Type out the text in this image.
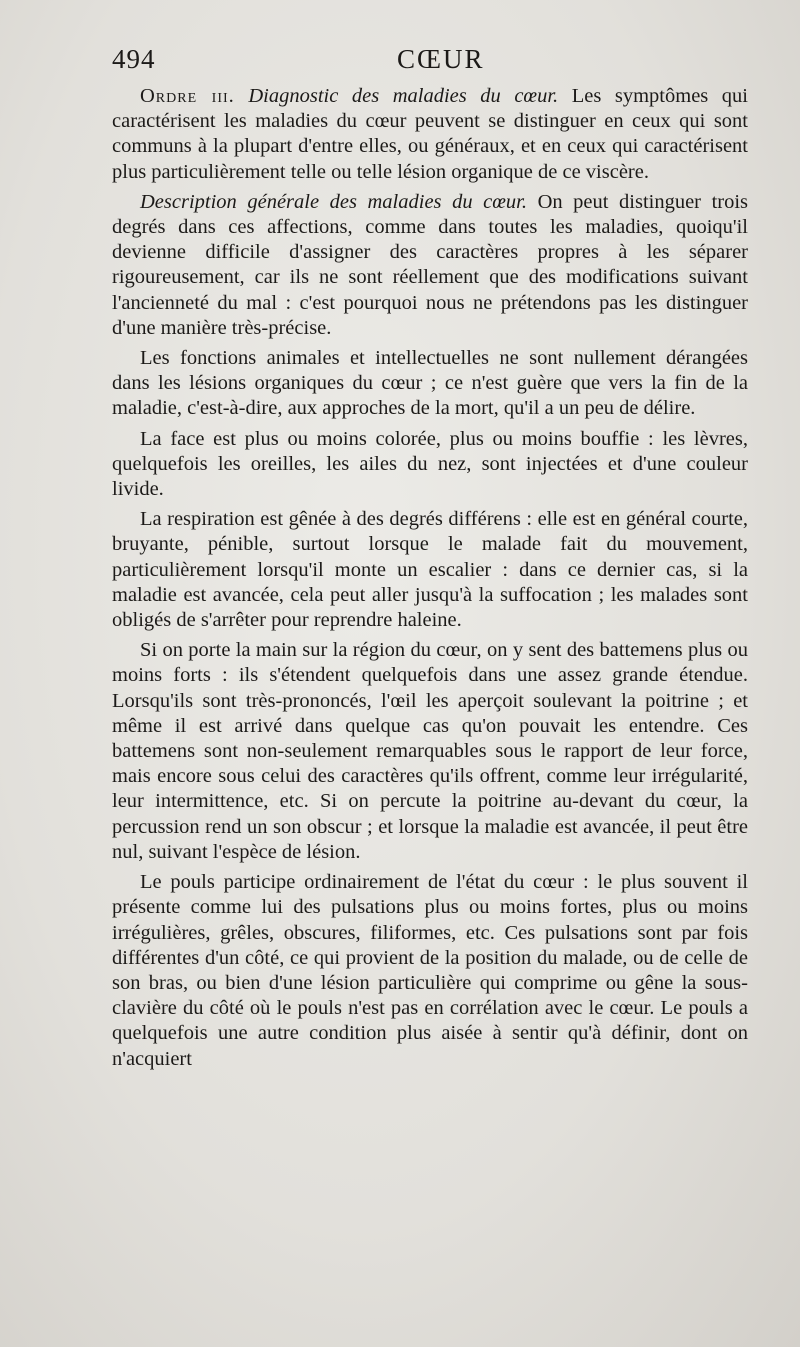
494	CŒUR

Ordre iii. Diagnostic des maladies du cœur. Les symptômes qui caractérisent les maladies du cœur peuvent se distinguer en ceux qui sont communs à la plupart d'entre elles, ou généraux, et en ceux qui caractérisent plus particulièrement telle ou telle lésion organique de ce viscère.

Description générale des maladies du cœur. On peut distinguer trois degrés dans ces affections, comme dans toutes les maladies, quoiqu'il devienne difficile d'assigner des caractères propres à les séparer rigoureusement, car ils ne sont réellement que des modifications suivant l'ancienneté du mal : c'est pourquoi nous ne prétendons pas les distinguer d'une manière très-précise.

Les fonctions animales et intellectuelles ne sont nullement dérangées dans les lésions organiques du cœur ; ce n'est guère que vers la fin de la maladie, c'est-à-dire, aux approches de la mort, qu'il a un peu de délire.

La face est plus ou moins colorée, plus ou moins bouffie : les lèvres, quelquefois les oreilles, les ailes du nez, sont injectées et d'une couleur livide.

La respiration est gênée à des degrés différens : elle est en général courte, bruyante, pénible, surtout lorsque le malade fait du mouvement, particulièrement lorsqu'il monte un escalier : dans ce dernier cas, si la maladie est avancée, cela peut aller jusqu'à la suffocation ; les malades sont obligés de s'arrêter pour reprendre haleine.

Si on porte la main sur la région du cœur, on y sent des battemens plus ou moins forts : ils s'étendent quelquefois dans une assez grande étendue. Lorsqu'ils sont très-prononcés, l'œil les aperçoit soulevant la poitrine ; et même il est arrivé dans quelque cas qu'on pouvait les entendre. Ces battemens sont non-seulement remarquables sous le rapport de leur force, mais encore sous celui des caractères qu'ils offrent, comme leur irrégularité, leur intermittence, etc. Si on percute la poitrine au-devant du cœur, la percussion rend un son obscur ; et lorsque la maladie est avancée, il peut être nul, suivant l'espèce de lésion.

Le pouls participe ordinairement de l'état du cœur : le plus souvent il présente comme lui des pulsations plus ou moins fortes, plus ou moins irrégulières, grêles, obscures, filiformes, etc. Ces pulsations sont par fois différentes d'un côté, ce qui provient de la position du malade, ou de celle de son bras, ou bien d'une lésion particulière qui comprime ou gêne la sous-clavière du côté où le pouls n'est pas en corrélation avec le cœur. Le pouls a quelquefois une autre condition plus aisée à sentir qu'à définir, dont on n'acquiert
